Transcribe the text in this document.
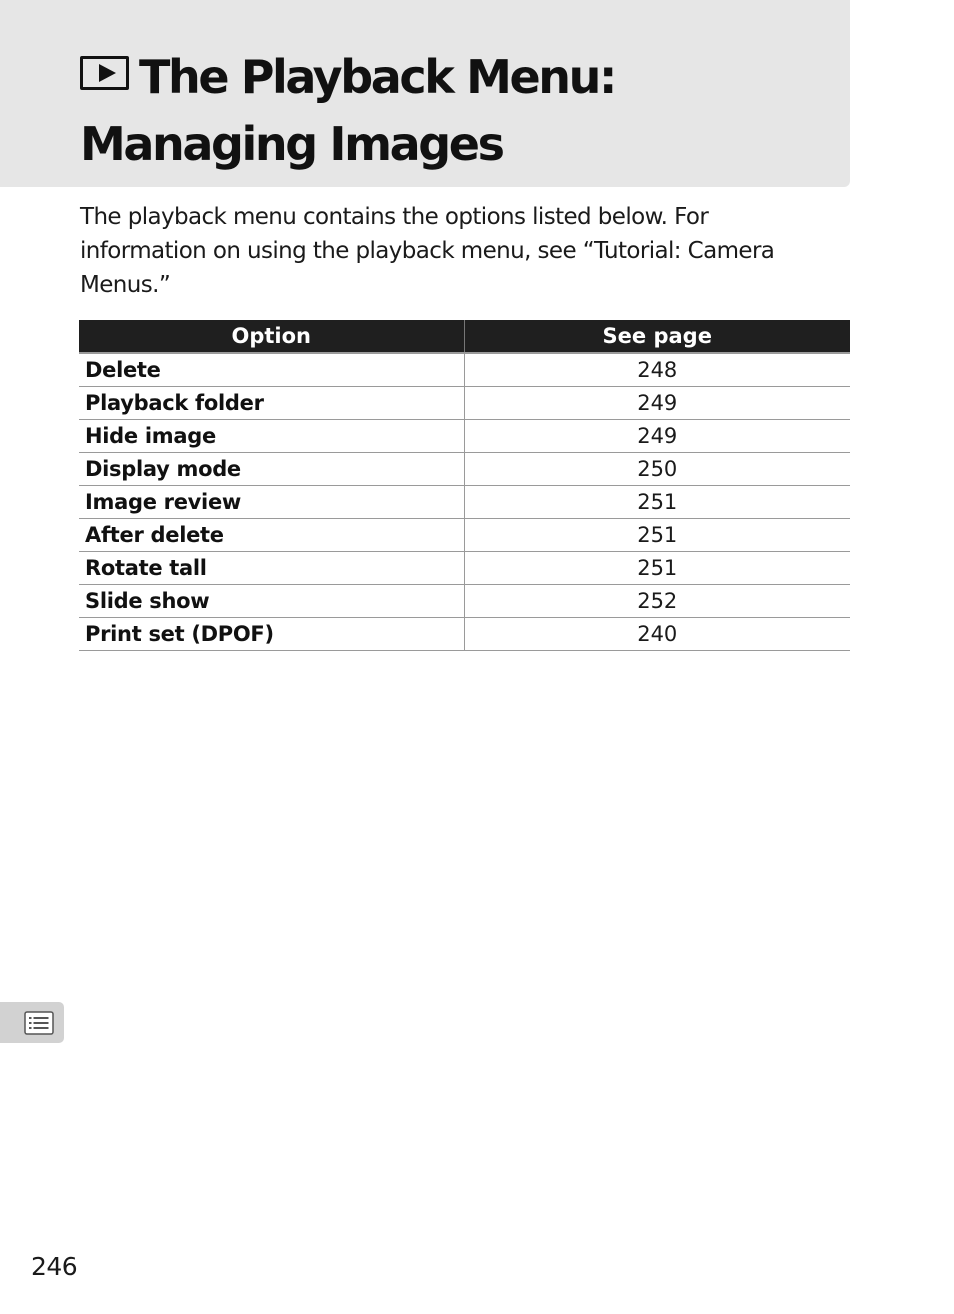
The Playback Menu:
Managing Images

The playback menu contains the options listed below. For information on using the playback menu, see “Tutorial: Camera Menus.”

Option	See page
Delete	248
Playback folder	249
Hide image	249
Display mode	250
Image review	251
After delete	251
Rotate tall	251
Slide show	252
Print set (DPOF)	240
246
